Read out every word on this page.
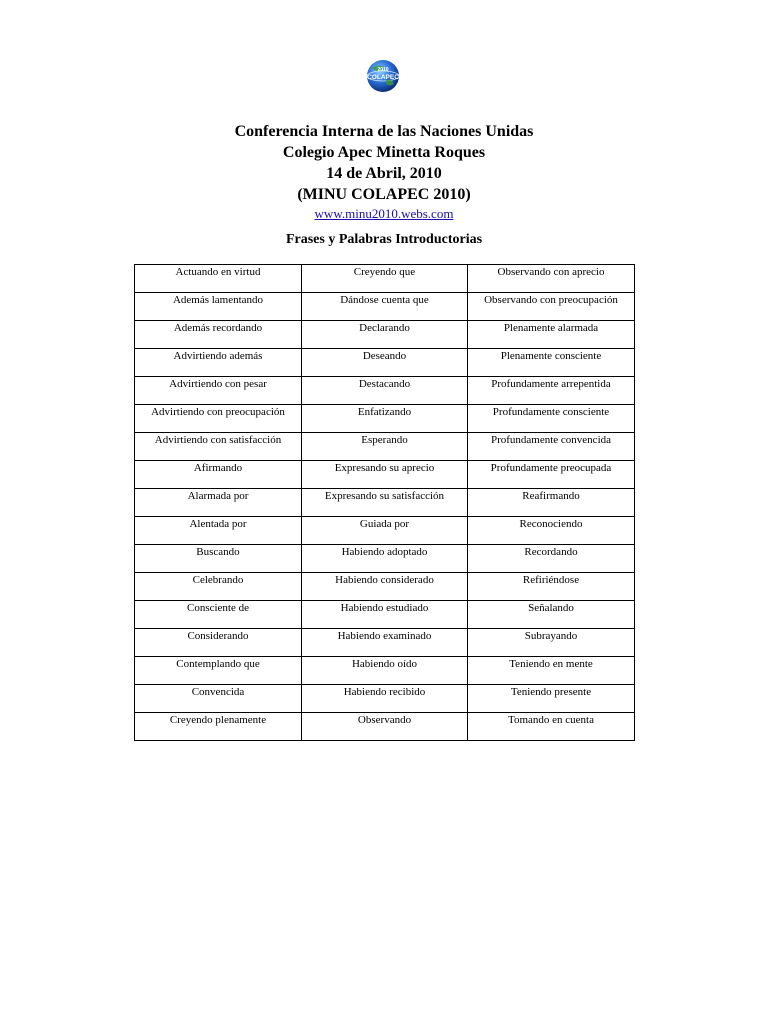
2010
COLAPEC
Conferencia Interna de las Naciones Unidas
Colegio Apec Minetta Roques
14 de Abril, 2010
(MINU COLAPEC 2010)
www.minu2010.webs.com
Frases y Palabras Introductorias
Actuando en virtud	Creyendo que	Observando con aprecio
Además lamentando	Dándose cuenta que	Observando con preocupación
Además recordando	Declarando	Plenamente alarmada
Advirtiendo además	Deseando	Plenamente consciente
Advirtiendo con pesar	Destacando	Profundamente arrepentida
Advirtiendo con preocupación	Enfatizando	Profundamente consciente
Advirtiendo con satisfacción	Esperando	Profundamente convencida
Afirmando	Expresando su aprecio	Profundamente preocupada
Alarmada por	Expresando su satisfacción	Reafirmando
Alentada por	Guiada por	Reconociendo
Buscando	Habiendo adoptado	Recordando
Celebrando	Habiendo considerado	Refiriéndose
Consciente de	Habiendo estudiado	Señalando
Considerando	Habiendo examinado	Subrayando
Contemplando que	Habiendo oído	Teniendo en mente
Convencida	Habiendo recibido	Teniendo presente
Creyendo plenamente	Observando	Tomando en cuenta
